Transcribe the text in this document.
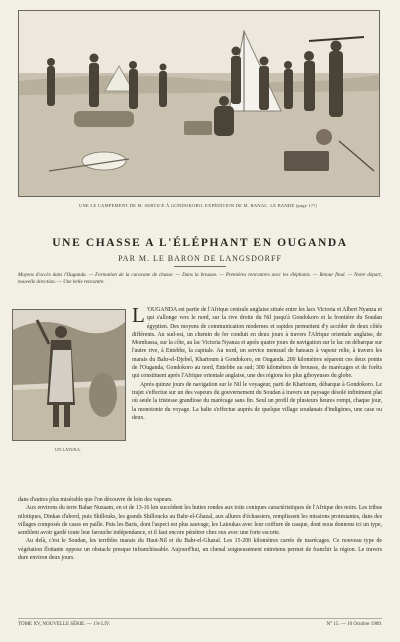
UNE LE CAMPEMENT DE M. SERVICE À GONDOKORO, EXPÉDITION DE M. BANAC. LE BANDE (page 1??)
UNE CHASSE A L'ÉLÉPHANT EN OUGANDA
PAR M. LE BARON DE LANGSDORFF
Moyens d'accès dans l'Ouganda. — Formation de la caravane de chasse. — Dans la brousse. — Premières rencontres avec les éléphants. — Retour final. — Notre départ, nouvelle direction. — Une belle rencontre.
UN LATUKA.

L 'OUGANDA est partie de l'Afrique centrale anglaise située entre les lacs Victoria et Albert Nyanza et qui s'allonge vers le nord, sur la rive droite du Nil jusqu'à Gondokoro et la frontière du Soudan égyptien. Des moyens de communication modernes et rapides permettent d'y accéder de deux côtés différents. Au sud-est, un chemin de fer conduit en deux jours à travers l'Afrique orientale anglaise, de Mombassa, sur la côte, au lac Victoria Nyanza et après quatre jours de navigation sur le lac on débarque sur l'autre rive, à Entebbe, la capitale. Au nord, un service mensuel de bateaux à vapeur relie, à travers les marais du Bahr-el-Djebel, Khartoum à Gondokoro, en Ouganda. 200 kilomètres séparent ces deux points de l'Ouganda, Gondokoro au nord, Entebbe au sud; 300 kilomètres de brousse, de marécages et de forêts qui constituent après l'Afrique orientale anglaise, une des régions les plus giboyeuses du globe.

Après quinze jours de navigation sur le Nil le voyageur, parti de Khartoum, débarque à Gondokoro. Le trajet s'effectue sur un des vapeurs du gouvernement du Soudan à travers un paysage désolé infiniment plat où seule la tristesse grandiose du marécage sans fin. Seul un profil de plusieurs heures rompt, chaque jour, la monotonie du voyage. La halte s'effectue auprès de quelque village soudanais d'indigènes, une case ou deux.

dans d'autres plus misérable que l'on découvre de loin des vapeurs.

Aux environs du terre Bahar Nuzaam, en et de 13-16 km succèdent les huttes rondes aux toits coniques caractéristiques de l'Afrique des noirs. Les tribus nilotiques, Dinkas d'abord, puis Shillouks, les grands Shilloucks au Bahr-el-Ghazal, aux allures d'échassiers, remplissent les missions protestantes, dans des villages composés de cases en paille. Puis les Baris, dont l'aspect est plus sauvage, les Latoukas avec leur coiffure de casque, dont nous donnons ici un type, semblent avoir gardé toute leur farouche indépendance, et il faut encore pénétrer chez eux avec une forte escorte.

Au delà, c'est le Soudan, les terribles marais du Haut-Nil et du Bahr-el-Ghazal. Les 15-200 kilomètres carrés de marécages. Ce nouveau type de végétation flottante oppose un obstacle presque infranchissable. Aujourd'hui, un chenal soigneusement entretenu permet de franchir la région. Le travers dure environ deux jours.

TOME XV, NOUVELLE SÉRIE. — 1?e LIV.	N° 15. — 10 Octobre 1909.
